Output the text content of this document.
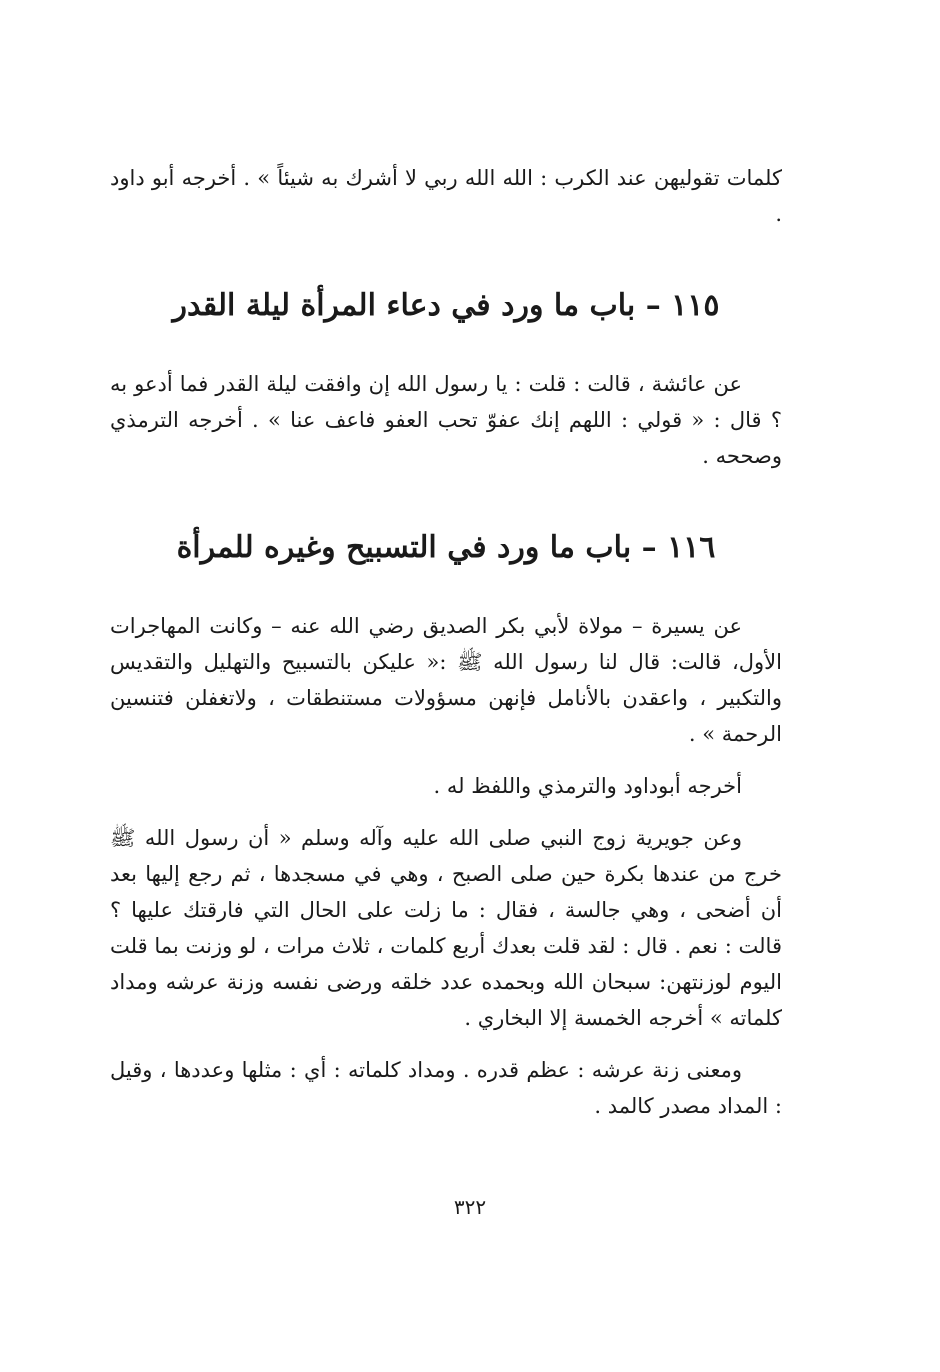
كلمات تقوليهن عند الكرب : الله الله ربي لا أشرك به شيئاً » . أخرجه أبو داود .

١١٥ – باب ما ورد في دعاء المرأة ليلة القدر

عن عائشة ، قالت : قلت : يا رسول الله إن وافقت ليلة القدر فما أدعو به ؟ قال : « قولي : اللهم إنك عفوّ تحب العفو فاعف عنا » . أخرجه الترمذي وصححه .

١١٦ – باب ما ورد في التسبيح وغيره للمرأة

عن يسيرة – مولاة لأبي بكر الصديق رضي الله عنه – وكانت المهاجرات الأول، قالت: قال لنا رسول الله ﷺ :« عليكن بالتسبيح والتهليل والتقديس والتكبير ، واعقدن بالأنامل فإنهن مسؤولات مستنطقات ، ولاتغفلن فتنسين الرحمة » .

أخرجه أبوداود والترمذي واللفظ له .

وعن جويرية زوج النبي صلى الله عليه وآله وسلم « أن رسول الله ﷺ خرج من عندها بكرة حين صلى الصبح ، وهي في مسجدها ، ثم رجع إليها بعد أن أضحى ، وهي جالسة ، فقال : ما زلت على الحال التي فارقتك عليها ؟ قالت : نعم . قال : لقد قلت بعدك أربع كلمات ، ثلاث مرات ، لو وزنت بما قلت اليوم لوزنتهن: سبحان الله وبحمده عدد خلقه ورضى نفسه وزنة عرشه ومداد كلماته » أخرجه الخمسة إلا البخاري .

ومعنى زنة عرشه : عظم قدره . ومداد كلماته : أي : مثلها وعددها ، وقيل : المداد مصدر كالمد .

٣٢٢
